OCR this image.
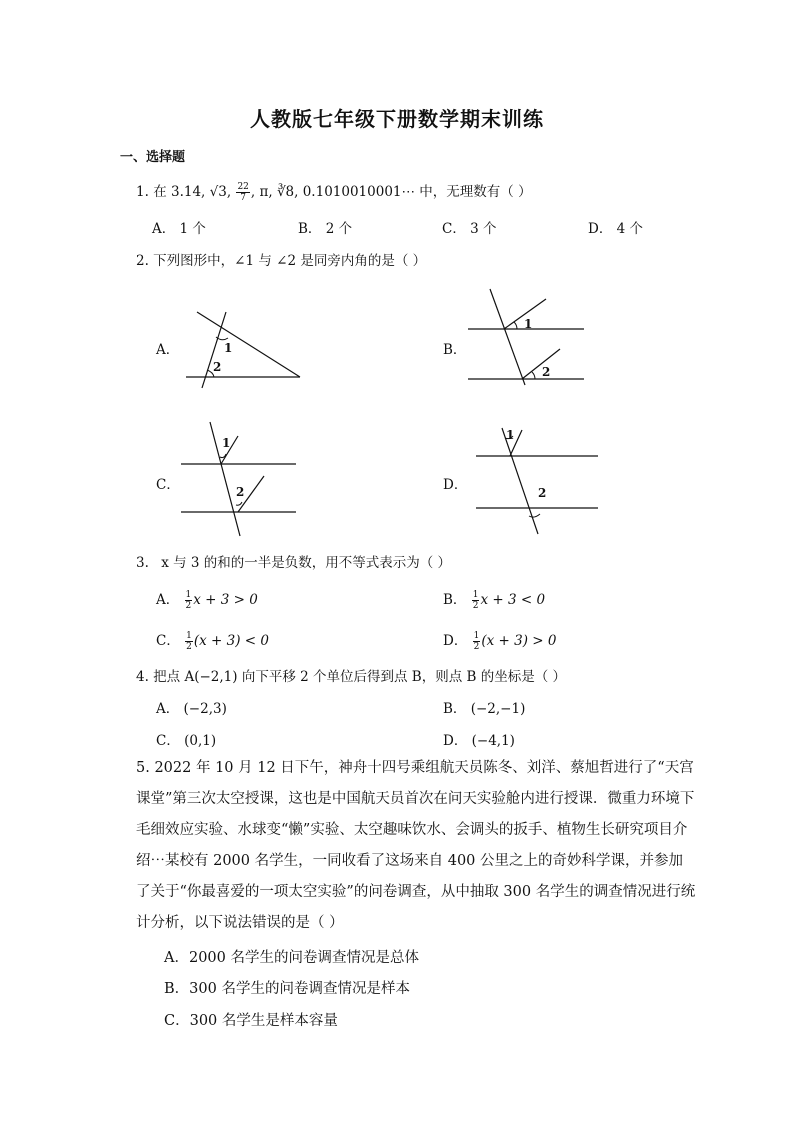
人教版七年级下册数学期末训练
一、选择题
1. 在 3.14, √3, $\frac{22}{7}$ , π, ∛8, 0.1010010001⋯ 中，无理数有（ ）
A． 1 个	B． 2 个	C． 3 个	D． 4 个
2. 下列图形中，∠1 与 ∠2 是同旁内角的是（ ）
A．	1
2
B．
1
2
C．
1
2	D．
1
2
3. x 与 3 的和的一半是负数，用不等式表示为（ ）
A． $\frac{1}{2}$ x + 3 > 0	B． $\frac{1}{2}$ x + 3 < 0
C． $\frac{1}{2} (x + 3) < 0$	D． $\frac{1}{2} (x + 3) > 0$
4. 把点 A(−2,1) 向下平移 2 个单位后得到点 B，则点 B 的坐标是（ ）
A． (−2,3)	B． (−2,−1)
C． (0,1)	D． (−4,1)
5. 2022 年 10 月 12 日下午，神舟十四号乘组航天员陈冬、刘洋、蔡旭哲进行了“天宫课堂”第三次太空授课，这也是中国航天员首次在问天实验舱内进行授课．微重力环境下毛细效应实验、水球变“懒”实验、太空趣味饮水、会调头的扳手、植物生长研究项目介绍⋯某校有 2000 名学生，一同收看了这场来自 400 公里之上的奇妙科学课，并参加了关于“你最喜爱的一项太空实验”的问卷调查，从中抽取 300 名学生的调查情况进行统计分析，以下说法错误的是（ ）
A．2000 名学生的问卷调查情况是总体
B．300 名学生的问卷调查情况是样本
C．300 名学生是样本容量
